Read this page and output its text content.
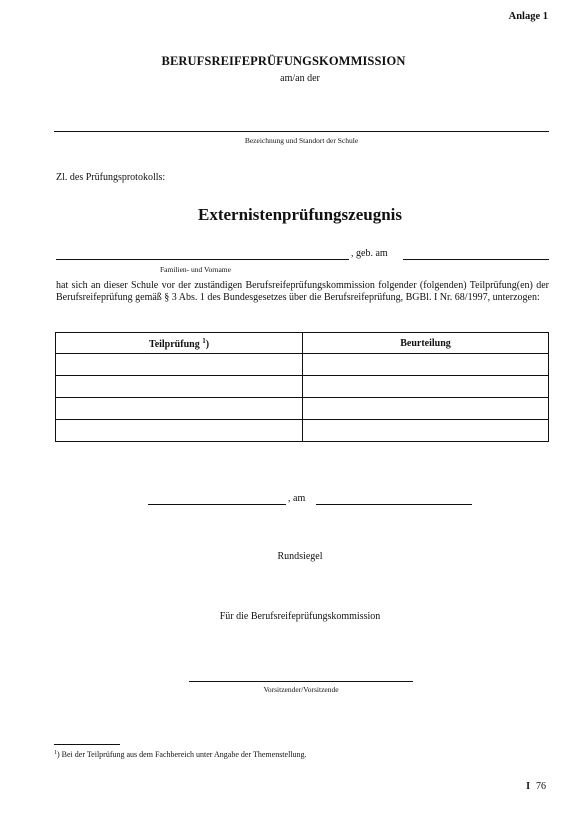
Anlage 1
BERUFSREIFEPRÜFUNGSKOMMISSION
am/an der
Bezeichnung und Standort der Schule
Zl. des Prüfungsprotokolls:
Externistenprüfungszeugnis
, geb. am
Familien- und Vorname
hat sich an dieser Schule vor der zuständigen Berufsreifeprüfungskommission folgender (folgenden) Teilprüfung(en) der Berufsreifeprüfung gemäß § 3 Abs. 1 des Bundesgesetzes über die Berufsreifeprüfung, BGBl. I Nr. 68/1997, unterzogen:
Teilprüfung $^1$)	Beurteilung

, am
Rundsiegel
Für die Berufsreifeprüfungskommission
Vorsitzender/Vorsitzende
$^1$) Bei der Teilprüfung aus dem Fachbereich unter Angabe der Themenstellung.
I 76
